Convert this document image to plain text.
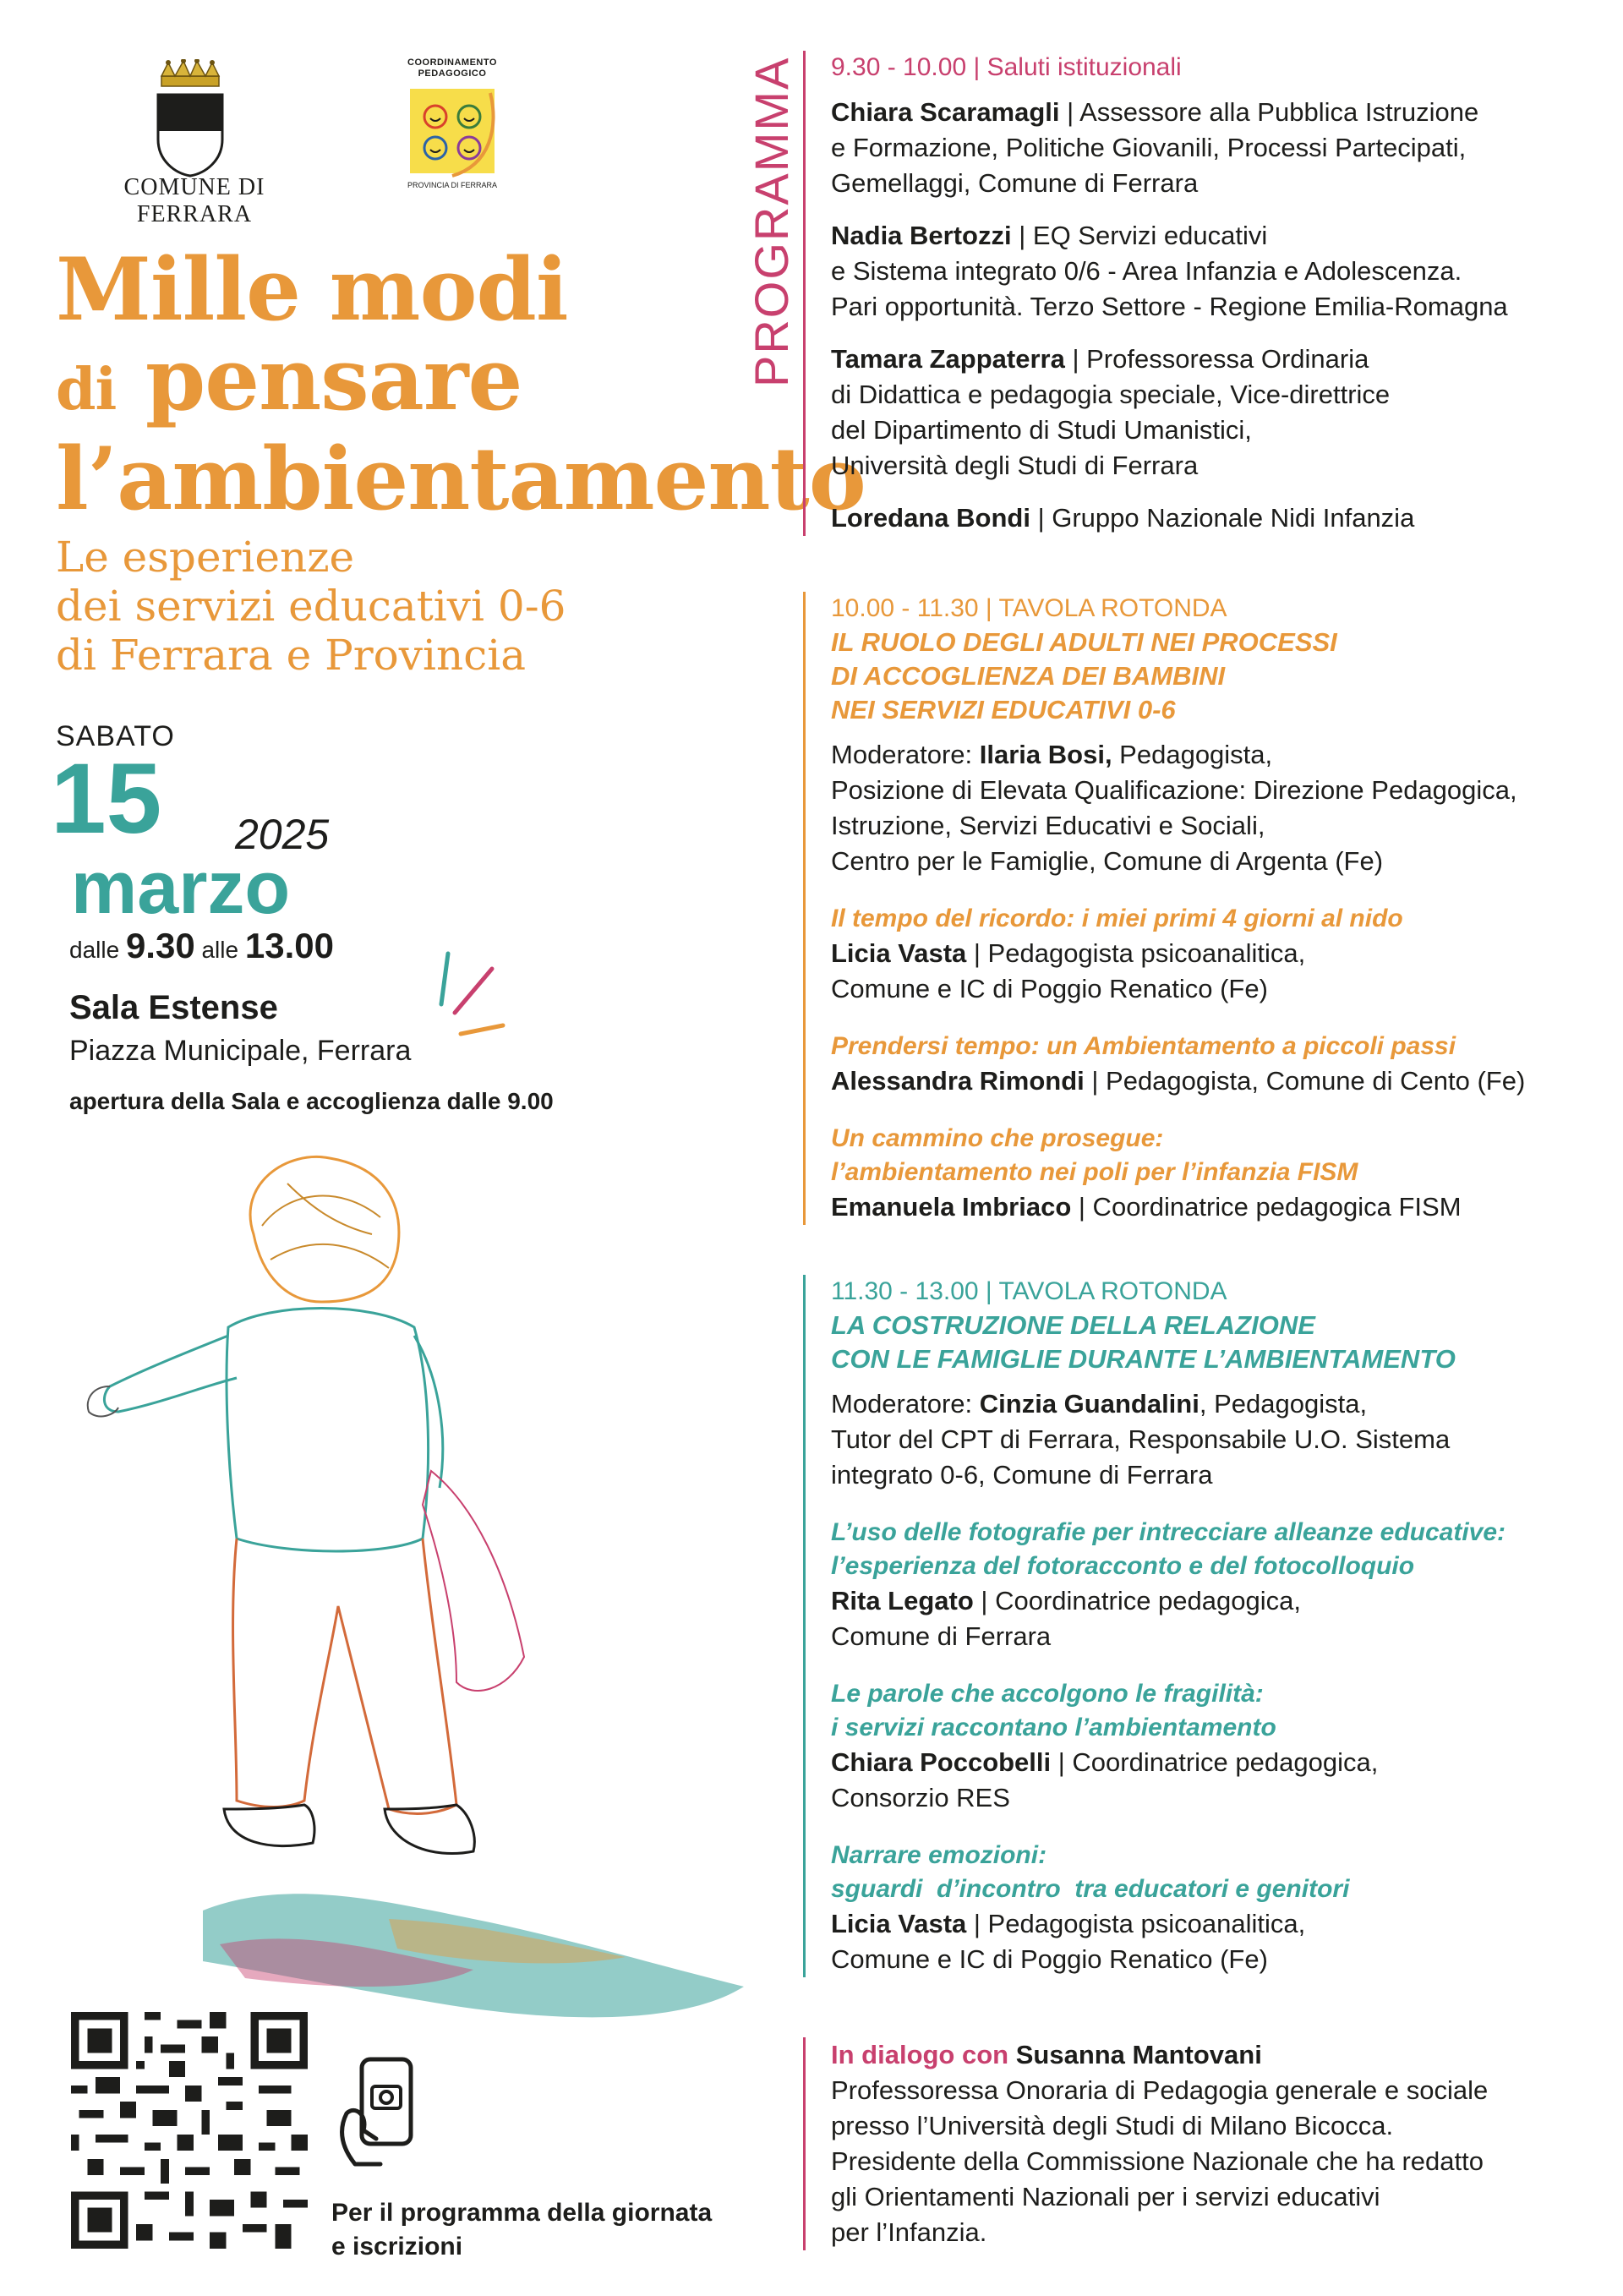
COMUNE DI FERRARA
COORDINAMENTO
PEDAGOGICO
PROVINCIA DI FERRARA
Mille modi
di pensare
l’ambientamento
Le esperienze
dei servizi educativi 0-6
di Ferrara e Provincia
SABATO
15 2025
marzo
dalle 9.30 alle 13.00
Sala Estense
Piazza Municipale, Ferrara
apertura della Sala e accoglienza dalle 9.00
Per il programma della giornata
e iscrizioni
PROGRAMMA 9.30 - 10.00 | Saluti istituzionali
Chiara Scaramagli | Assessore alla Pubblica Istruzione
e Formazione, Politiche Giovanili, Processi Partecipati,
Gemellaggi, Comune di Ferrara
Nadia Bertozzi | EQ Servizi educativi
e Sistema integrato 0/6 - Area Infanzia e Adolescenza.
Pari opportunità. Terzo Settore - Regione Emilia-Romagna
Tamara Zappaterra | Professoressa Ordinaria
di Didattica e pedagogia speciale, Vice-direttrice
del Dipartimento di Studi Umanistici,
Università degli Studi di Ferrara
Loredana Bondi | Gruppo Nazionale Nidi Infanzia
10.00 - 11.30 | TAVOLA ROTONDA
IL RUOLO DEGLI ADULTI NEI PROCESSI
DI ACCOGLIENZA DEI BAMBINI
NEI SERVIZI EDUCATIVI 0-6
Moderatore: Ilaria Bosi, Pedagogista,
Posizione di Elevata Qualificazione: Direzione Pedagogica,
Istruzione, Servizi Educativi e Sociali,
Centro per le Famiglie, Comune di Argenta (Fe)
Il tempo del ricordo: i miei primi 4 giorni al nido
Licia Vasta | Pedagogista psicoanalitica,
Comune e IC di Poggio Renatico (Fe)
Prendersi tempo: un Ambientamento a piccoli passi
Alessandra Rimondi | Pedagogista, Comune di Cento (Fe)
Un cammino che prosegue:
l’ambientamento nei poli per l’infanzia FISM
Emanuela Imbriaco | Coordinatrice pedagogica FISM
11.30 - 13.00 | TAVOLA ROTONDA
LA COSTRUZIONE DELLA RELAZIONE
CON LE FAMIGLIE DURANTE L’AMBIENTAMENTO
Moderatore: Cinzia Guandalini, Pedagogista,
Tutor del CPT di Ferrara, Responsabile U.O. Sistema
integrato 0-6, Comune di Ferrara
L’uso delle fotografie per intrecciare alleanze educative:
l’esperienza del fotoracconto e del fotocolloquio
Rita Legato | Coordinatrice pedagogica,
Comune di Ferrara
Le parole che accolgono le fragilità:
i servizi raccontano l’ambientamento
Chiara Poccobelli | Coordinatrice pedagogica,
Consorzio RES
Narrare emozioni:
sguardi  d’incontro  tra educatori e genitori
Licia Vasta | Pedagogista psicoanalitica,
Comune e IC di Poggio Renatico (Fe)
In dialogo con Susanna Mantovani
Professoressa Onoraria di Pedagogia generale e sociale
presso l’Università degli Studi di Milano Bicocca.
Presidente della Commissione Nazionale che ha redatto
gli Orientamenti Nazionali per i servizi educativi
per l’Infanzia.
